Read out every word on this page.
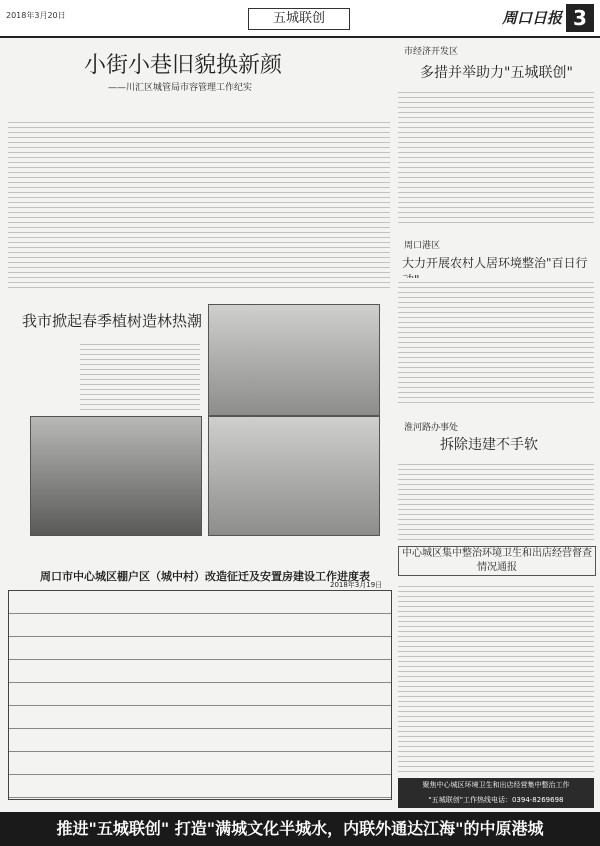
2018年3月20日	五城联创	周口日报 3
小街小巷旧貌换新颜
——川汇区城管局市容管理工作纪实
市经济开发区
多措并举助力"五城联创"
周口港区
大力开展农村人居环境整治"百日行
淮河路办事处
拆除违建不手软
中心城区集中整治环境卫生和出店经营督查情况通报
聚焦中心城区环境卫生和出店经营集中整治工作
"五城联创"工作热线电话：0394-8269698
我市掀起春季植树造林热潮
周口市中心城区棚户区（城中村）改造征迁及安置房建设工作进度表
2018年3月19日
推进"五城联创" 打造"满城文化半城水，内联外通达江海"的中原港城
